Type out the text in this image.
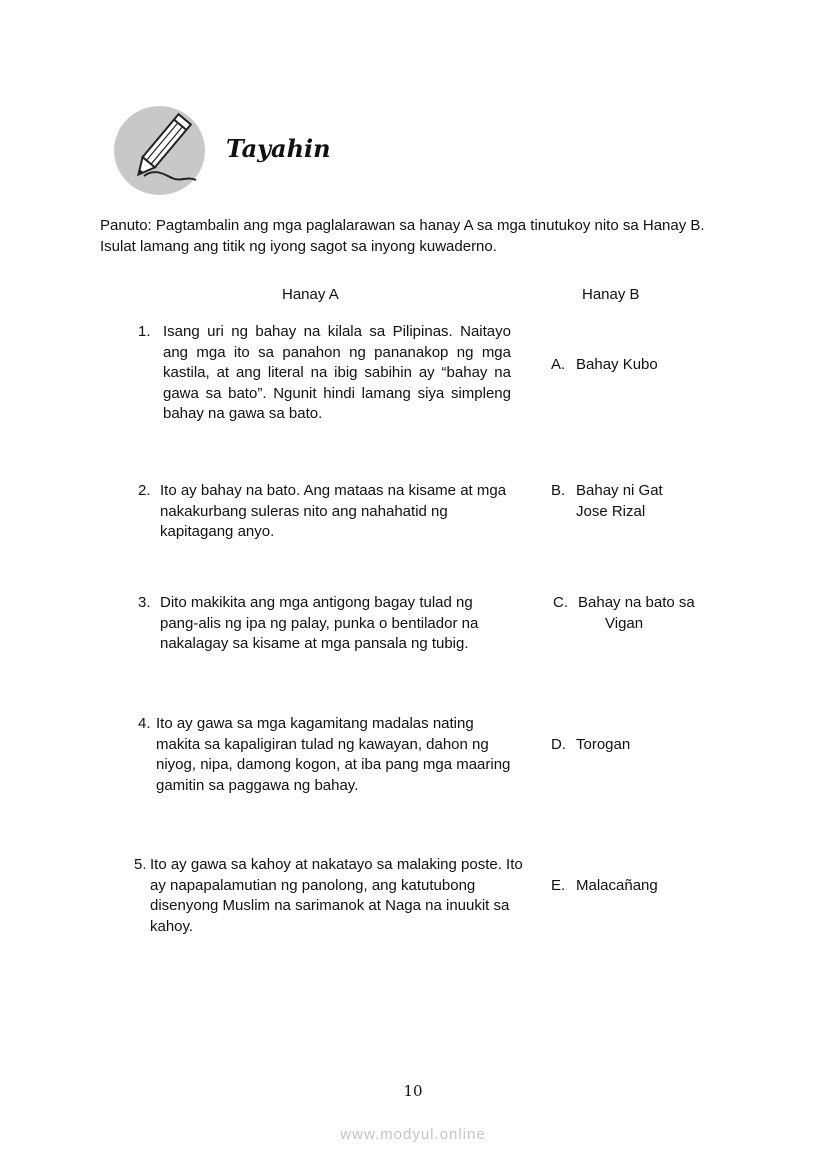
Tayahin
Panuto: Pagtambalin ang mga paglalarawan sa hanay A sa mga tinutukoy nito sa Hanay B. Isulat lamang ang titik ng iyong sagot sa inyong kuwaderno.
Hanay A	Hanay B
1. Isang uri ng bahay na kilala sa Pilipinas. Naitayo ang mga ito sa panahon ng pananakop ng mga kastila, at ang literal na ibig sabihin ay “bahay na gawa sa bato”. Ngunit hindi lamang siya simpleng bahay na gawa sa bato.
2. Ito ay bahay na bato. Ang mataas na kisame at mga nakakurbang suleras nito ang nahahatid ng kapitagang anyo.
3. Dito makikita ang mga antigong bagay tulad ng pang-alis ng ipa ng palay, punka o bentilador na nakalagay sa kisame at mga pansala ng tubig.
4. Ito ay gawa sa mga kagamitang madalas nating makita sa kapaligiran tulad ng kawayan, dahon ng niyog, nipa, damong kogon, at iba pang mga maaring gamitin sa paggawa ng bahay.
5. Ito ay gawa sa kahoy at nakatayo sa malaking poste. Ito ay napapalamutian ng panolong, ang katutubong disenyong Muslim na sarimanok at Naga na inuukit sa kahoy.
A. Bahay Kubo
B. Bahay ni Gat
Jose Rizal
C. Bahay na bato sa
Vigan
D. Torogan
E. Malacañang
10
www.modyul.online
